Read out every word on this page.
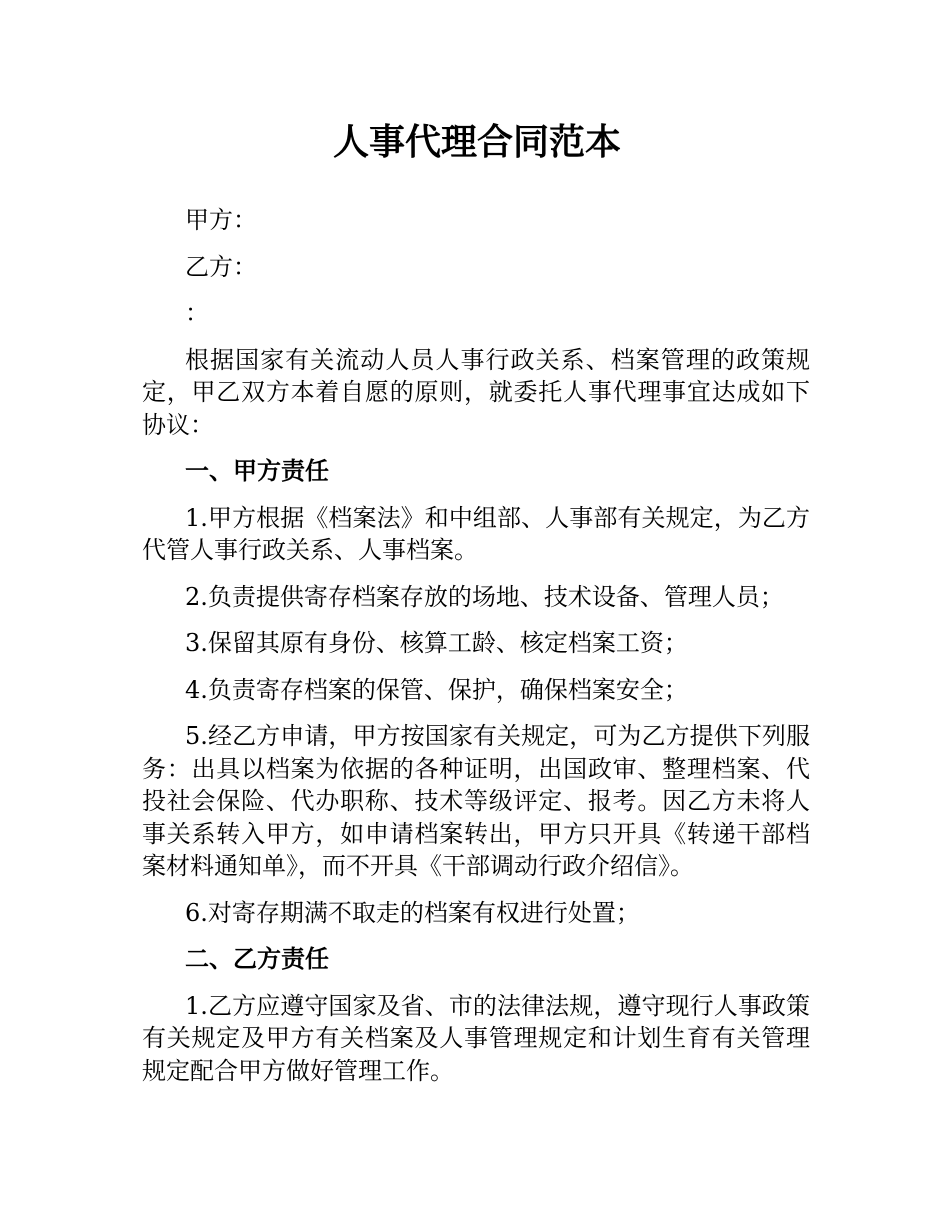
人事代理合同范本

甲方：

乙方：

：

根据国家有关流动人员人事行政关系、档案管理的政策规定，甲乙双方本着自愿的原则，就委托人事代理事宜达成如下协议：

一、甲方责任

1.甲方根据《档案法》和中组部、人事部有关规定，为乙方代管人事行政关系、人事档案。

2.负责提供寄存档案存放的场地、技术设备、管理人员；

3.保留其原有身份、核算工龄、核定档案工资；

4.负责寄存档案的保管、保护，确保档案安全；

5.经乙方申请，甲方按国家有关规定，可为乙方提供下列服务：出具以档案为依据的各种证明，出国政审、整理档案、代投社会保险、代办职称、技术等级评定、报考。因乙方未将人事关系转入甲方，如申请档案转出，甲方只开具《转递干部档案材料通知单》，而不开具《干部调动行政介绍信》。

6.对寄存期满不取走的档案有权进行处置；

二、乙方责任

1.乙方应遵守国家及省、市的法律法规，遵守现行人事政策有关规定及甲方有关档案及人事管理规定和计划生育有关管理规定配合甲方做好管理工作。
